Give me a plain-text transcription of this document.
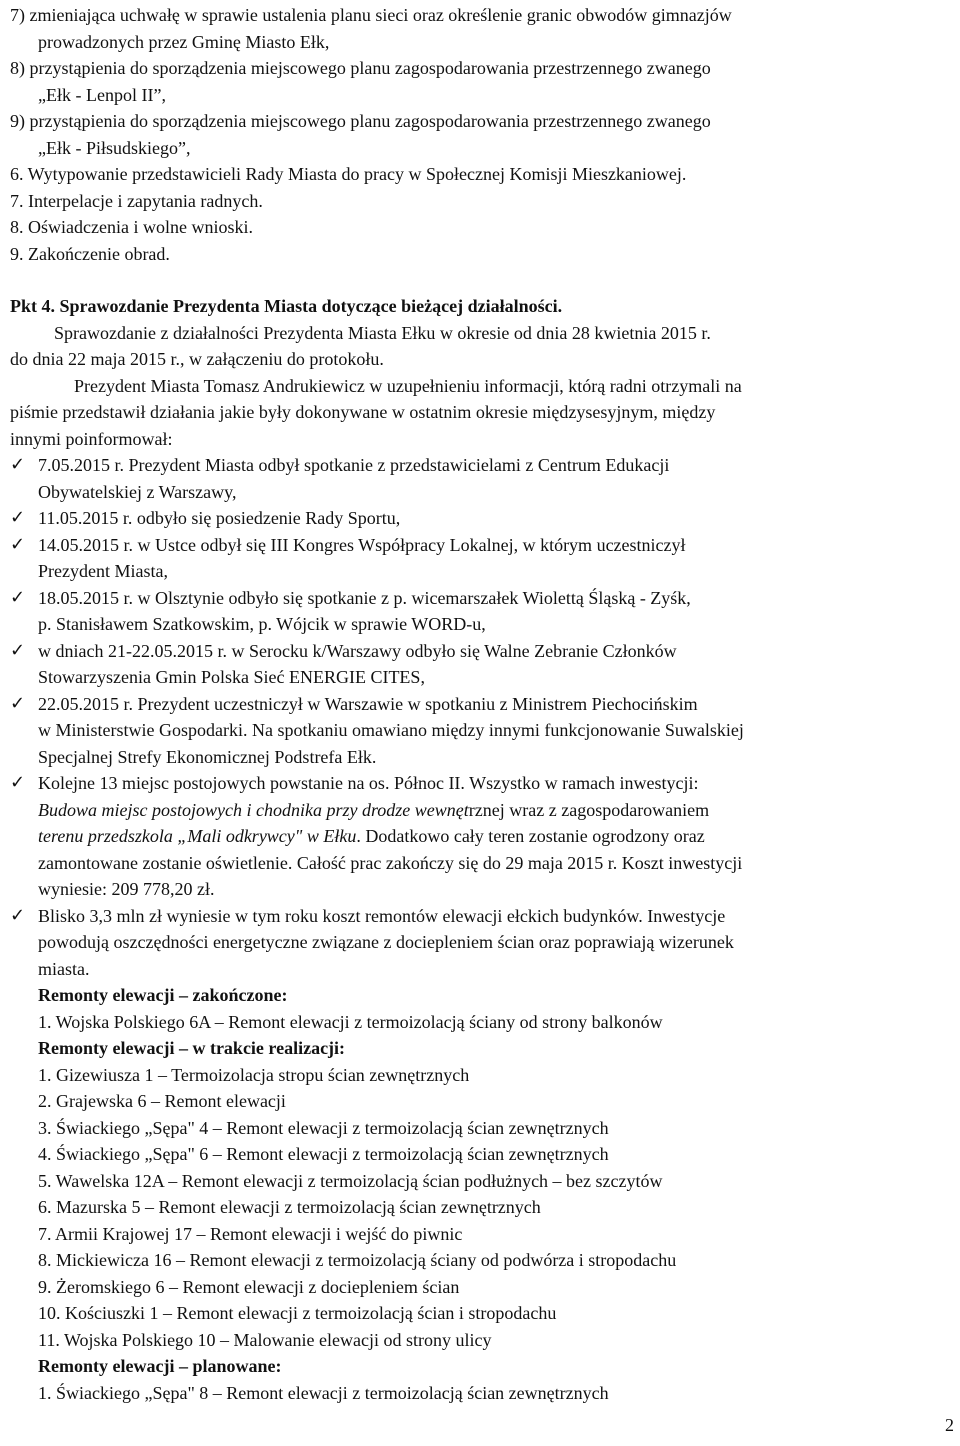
7) zmieniająca uchwałę w sprawie ustalenia planu sieci oraz określenie granic obwodów gimnazjów

prowadzonych przez Gminę Miasto Ełk,

8) przystąpienia do sporządzenia miejscowego planu zagospodarowania przestrzennego zwanego

„Ełk - Lenpol II”,

9) przystąpienia do sporządzenia miejscowego planu zagospodarowania przestrzennego zwanego

„Ełk - Piłsudskiego”,

6. Wytypowanie przedstawicieli Rady Miasta do pracy w Społecznej Komisji Mieszkaniowej.

7. Interpelacje i zapytania radnych.

8. Oświadczenia i wolne wnioski.

9. Zakończenie obrad.

Pkt 4. Sprawozdanie Prezydenta Miasta dotyczące bieżącej działalności.

Sprawozdanie z działalności Prezydenta Miasta Ełku w okresie od dnia 28 kwietnia 2015 r.

do dnia 22 maja 2015 r., w załączeniu do protokołu.

Prezydent Miasta Tomasz Andrukiewicz w uzupełnieniu informacji, którą radni otrzymali na

piśmie przedstawił działania jakie były dokonywane w ostatnim okresie międzysesyjnym, między

innymi poinformował:

✓ 7.05.2015 r. Prezydent Miasta odbył spotkanie z przedstawicielami z Centrum Edukacji

Obywatelskiej z Warszawy,

✓ 11.05.2015 r. odbyło się posiedzenie Rady Sportu,

✓ 14.05.2015 r. w Ustce odbył się III Kongres Współpracy Lokalnej, w którym uczestniczył

Prezydent Miasta,

✓ 18.05.2015 r. w Olsztynie odbyło się spotkanie z p. wicemarszałek Wiolettą Śląską - Zyśk,

p. Stanisławem Szatkowskim, p. Wójcik w sprawie WORD-u,

✓ w dniach 21-22.05.2015 r. w Serocku k/Warszawy odbyło się Walne Zebranie Członków

Stowarzyszenia Gmin Polska Sieć ENERGIE CITES,

✓ 22.05.2015 r. Prezydent uczestniczył w Warszawie w spotkaniu z Ministrem Piechocińskim

w Ministerstwie Gospodarki. Na spotkaniu omawiano między innymi funkcjonowanie Suwalskiej

Specjalnej Strefy Ekonomicznej Podstrefa Ełk.

✓ Kolejne 13 miejsc postojowych powstanie na os. Północ II. Wszystko w ramach inwestycji:

Budowa miejsc postojowych i chodnika przy drodze wewnętrznej wraz z zagospodarowaniem

terenu przedszkola „Mali odkrywcy" w Ełku. Dodatkowo cały teren zostanie ogrodzony oraz

zamontowane zostanie oświetlenie. Całość prac zakończy się do 29 maja 2015 r. Koszt inwestycji

wyniesie: 209 778,20 zł.

✓ Blisko 3,3 mln zł wyniesie w tym roku koszt remontów elewacji ełckich budynków. Inwestycje

powodują oszczędności energetyczne związane z dociepleniem ścian oraz poprawiają wizerunek

miasta.

Remonty elewacji – zakończone:

1. Wojska Polskiego 6A – Remont elewacji z termoizolacją ściany od strony balkonów

Remonty elewacji – w trakcie realizacji:

1. Gizewiusza 1 – Termoizolacja stropu ścian zewnętrznych

2. Grajewska 6 – Remont elewacji

3. Świackiego „Sępa" 4 – Remont elewacji z termoizolacją ścian zewnętrznych

4. Świackiego „Sępa" 6 – Remont elewacji z termoizolacją ścian zewnętrznych

5. Wawelska 12A – Remont elewacji z termoizolacją ścian podłużnych – bez szczytów

6. Mazurska 5 – Remont elewacji z termoizolacją ścian zewnętrznych

7. Armii Krajowej 17 – Remont elewacji i wejść do piwnic

8. Mickiewicza 16 – Remont elewacji z termoizolacją ściany od podwórza i stropodachu

9. Żeromskiego 6 – Remont elewacji z dociepleniem ścian

10. Kościuszki 1 – Remont elewacji z termoizolacją ścian i stropodachu

11. Wojska Polskiego 10 – Malowanie elewacji od strony ulicy

Remonty elewacji – planowane:

1. Świackiego „Sępa" 8 – Remont elewacji z termoizolacją ścian zewnętrznych

2
